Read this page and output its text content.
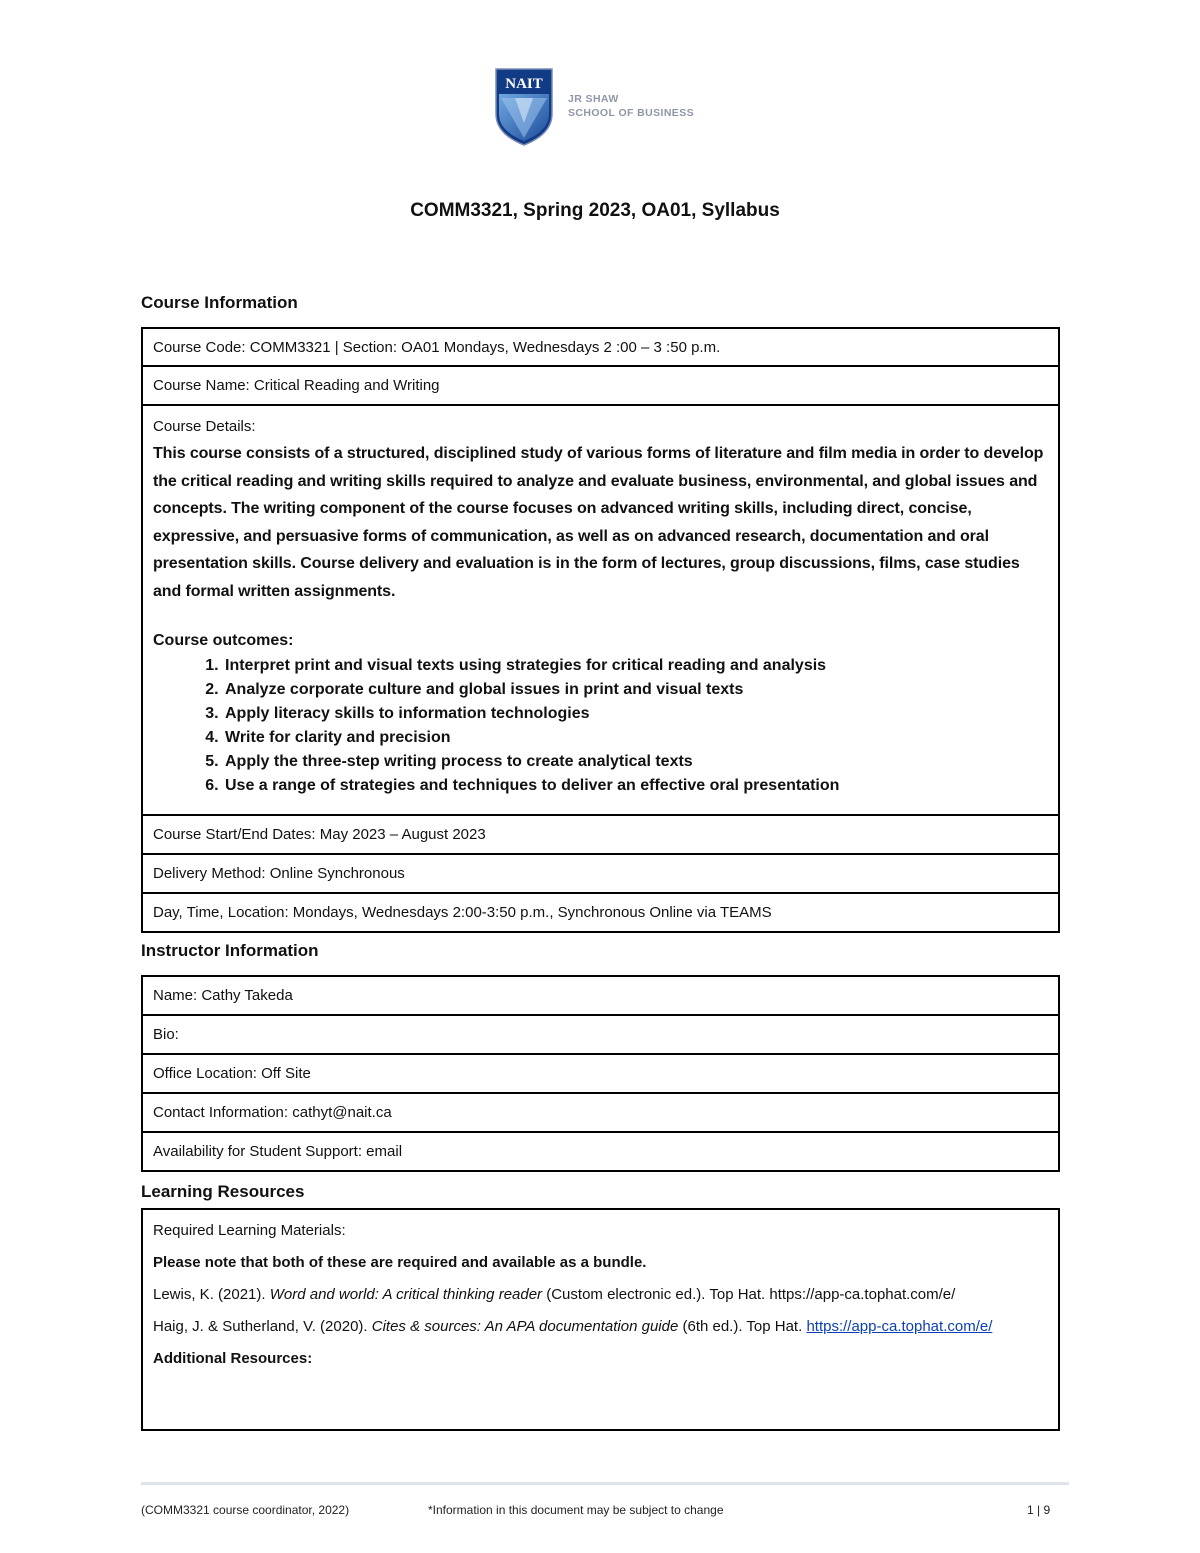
NAIT
JR SHAW
SCHOOL OF BUSINESS
COMM3321, Spring 2023, OA01, Syllabus
Course Information
Course Code: COMM3321 | Section: OA01 Mondays, Wednesdays 2 :00 – 3 :50 p.m.
Course Name: Critical Reading and Writing

Course Details:
This course consists of a structured, disciplined study of various forms of literature and film media in order to develop the critical reading and writing skills required to analyze and evaluate business, environmental, and global issues and concepts. The writing component of the course focuses on advanced writing skills, including direct, concise, expressive, and persuasive forms of communication, as well as on advanced research, documentation and oral presentation skills. Course delivery and evaluation is in the form of lectures, group discussions, films, case studies and formal written assignments.
Course outcomes:
1. Interpret print and visual texts using strategies for critical reading and analysis
2. Analyze corporate culture and global issues in print and visual texts
3. Apply literacy skills to information technologies
4. Write for clarity and precision
5. Apply the three-step writing process to create analytical texts
6. Use a range of strategies and techniques to deliver an effective oral presentation

Course Start/End Dates: May 2023 – August 2023
Delivery Method: Online Synchronous
Day, Time, Location: Mondays, Wednesdays 2:00-3:50 p.m., Synchronous Online via TEAMS
Instructor Information
Name: Cathy Takeda
Bio:
Office Location: Off Site
Contact Information: cathyt@nait.ca
Availability for Student Support: email
Learning Resources
Required Learning Materials:
Please note that both of these are required and available as a bundle.
Lewis, K. (2021). Word and world: A critical thinking reader (Custom electronic ed.). Top Hat. https://app-ca.tophat.com/e/
Haig, J. & Sutherland, V. (2020). Cites & sources: An APA documentation guide (6th ed.). Top Hat. https://app-ca.tophat.com/e/
Additional Resources:
(COMM3321 course coordinator, 2022)	*Information in this document may be subject to change	1 | 9
